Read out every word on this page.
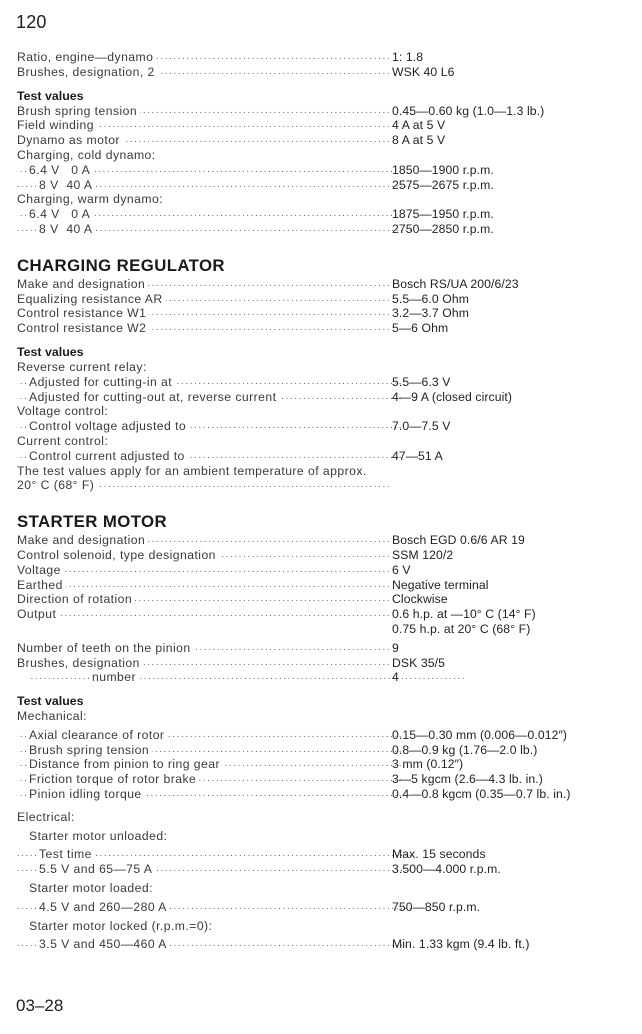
120
Ratio, engine—dynamo . . .	1: 1.8
Brushes, designation, 2 . . .	WSK 40 L6
Test values
Brush spring tension . . .	0.45—0.60 kg (1.0—1.3 lb.)
Field winding . . .	4 A at 5 V
Dynamo as motor . . .	8 A at 5 V
Charging, cold dynamo:
6.4 V   0 A . . .	1850—1900 r.p.m.
8 V  40 A . . .	2575—2675 r.p.m.
Charging, warm dynamo:
6.4 V   0 A . . .	1875—1950 r.p.m.
8 V  40 A . . .	2750—2850 r.p.m.
CHARGING REGULATOR
Make and designation . . .	Bosch RS/UA 200/6/23
Equalizing resistance AR . . .	5.5—6.0 Ohm
Control resistance W1 . . .	3.2—3.7 Ohm
Control resistance W2 . . .	5—6 Ohm
Test values
Reverse current relay:
Adjusted for cutting-in at . . .	5.5—6.3 V
Adjusted for cutting-out at, reverse current . . .	4—9 A (closed circuit)
Voltage control:
Control voltage adjusted to . . .	7.0—7.5 V
Current control:
Control current adjusted to . . .	47—51 A
The test values apply for an ambient temperature of approx.
20° C (68° F) . . .
STARTER MOTOR
Make and designation . . .	Bosch EGD 0.6/6 AR 19
Control solenoid, type designation . . .	SSM 120/2
Voltage . . .	6 V
Earthed . . .	Negative terminal
Direction of rotation . . .	Clockwise
Output . . .	0.6 h.p. at —10° C (14° F)
0.75 h.p. at 20° C (68° F)
Number of teeth on the pinion . . .	9
Brushes, designation . . .	DSK 35/5
number . . .	4
Test values
Mechanical:
Axial clearance of rotor . . .	0.15—0.30 mm (0.006—0.012″)
Brush spring tension . . .	0.8—0.9 kg (1.76—2.0 lb.)
Distance from pinion to ring gear . . .	3 mm (0.12″)
Friction torque of rotor brake . . .	3—5 kgcm (2.6—4.3 lb. in.)
Pinion idling torque . . .	0.4—0.8 kgcm (0.35—0.7 lb. in.)
Electrical:
Starter motor unloaded:
Test time . . .	Max. 15 seconds
5.5 V and 65—75 A . . .	3.500—4.000 r.p.m.
Starter motor loaded:
4.5 V and 260—280 A . . .	750—850 r.p.m.
Starter motor locked (r.p.m.=0):
3.5 V and 450—460 A . . .	Min. 1.33 kgm (9.4 lb. ft.)
03–28
